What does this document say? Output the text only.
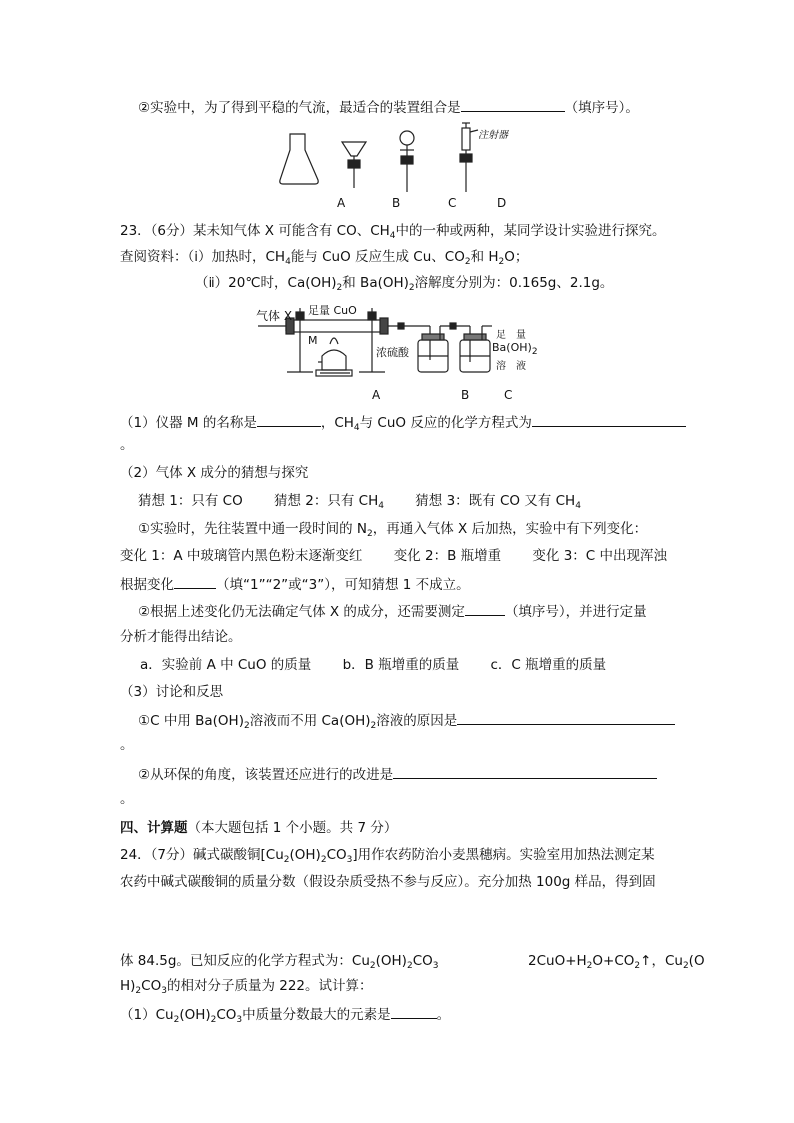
②实验中，为了得到平稳的气流，最适合的装置组合是	（填序号）。
注射器
A	B	C	D
23．（6分）某未知气体 X 可能含有 CO、$CH_4$中的一种或两种，某同学设计实验进行探究。
查阅资料：（ⅰ）加热时，$CH_4$能与 CuO 反应生成 Cu、$CO_2$和 $H_2O$；
（ⅱ）20℃时，$Ca(OH)_2$和 $Ba(OH)_2$溶解度分别为：0.165g、2.1g。
气体 X 足量 CuO
M
浓硫酸
足　量
$Ba(OH)_2$
溶　液
A	B	C
（1）仪器 M 的名称是	，$CH_4$与 CuO 反应的化学方程式为
。
（2）气体 X 成分的猜想与探究
猜想 1：只有 CO　　 猜想 2：只有 $CH_4$　　 猜想 3：既有 CO 又有 $CH_4$
①实验时，先往装置中通一段时间的 $N_2$，再通入气体 X 后加热，实验中有下列变化：
变化 1：A 中玻璃管内黑色粉末逐渐变红　　 变化 2：B 瓶增重　　 变化 3：C 中出现浑浊
根据变化	（填“1”“2”或“3”），可知猜想 1 不成立。
②根据上述变化仍无法确定气体 X 的成分，还需要测定	（填序号），并进行定量
分析才能得出结论。
a．实验前 A 中 CuO 的质量　　 b．B 瓶增重的质量　　 c．C 瓶增重的质量
（3）讨论和反思
①C 中用 $Ba(OH)_2$溶液而不用 $Ca(OH)_2$溶液的原因是
。
②从环保的角度，该装置还应进行的改进是
。
四、计算题（本大题包括 1 个小题。共 7 分）
24．（7分）碱式碳酸铜$[Cu_2(OH)_2CO_3]$用作农药防治小麦黑穗病。实验室用加热法测定某
农药中碱式碳酸铜的质量分数（假设杂质受热不参与反应）。充分加热 100g 样品，得到固
体 84.5g。已知反应的化学方程式为：$Cu_2(OH)_2CO_3$	$2CuO+H_2O+CO_2↑$，$Cu_2(O$
$H)_2CO_3$的相对分子质量为 222。试计算：
$(1)Cu_2(OH)_2CO_3$中质量分数最大的元素是	。
